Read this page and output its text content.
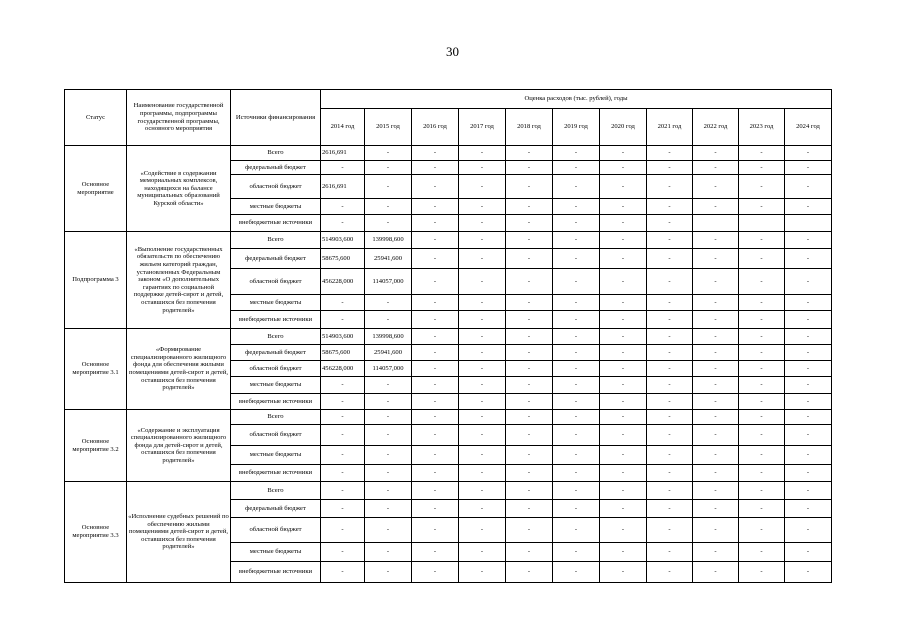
30
Статус	Наименование государственной программы, подпрограммы государственной программы, основного мероприятия	Источники финансирования	Оценка расходов (тыс. рублей), годы										
			2014 год	2015 год	2016 год	2017 год	2018 год	2019 год	2020 год	2021 год	2022 год	2023 год	2024 год
Основное мероприятие	«Содействие в содержании мемориальных комплексов, находящихся на балансе муниципальных образований Курской области»	Всего	2616,691	-	-	-	-	-	-	-	-	-	-
		федеральный бюджет	-	-	-	-	-	-	-	-	-	-	-
		областной бюджет	2616,691	-	-	-	-	-	-	-	-	-	-
		местные бюджеты	-	-	-	-	-	-	-	-	-	-	-
		внебюджетные источники	-	-	-	-	-	-	-	-			
Подпрограмма 3	«Выполнение государственных обязательств по обеспечению жильем категорий граждан, установленных Федеральным законом «О дополнительных гарантиях по социальной поддержке детей-сирот и детей, оставшихся без попечения родителей»	Всего	514903,600	139998,600	-	-	-	-	-	-	-	-	-
		федеральный бюджет	58675,600	25941,600	-	-	-	-	-	-	-	-	-
		областной бюджет	456228,000	114057,000	-	-	-	-	-	-	-	-	-
		местные бюджеты	-	-	-	-	-	-	-	-	-	-	-
		внебюджетные источники	-	-	-	-	-	-	-	-	-	-	-
Основное мероприятие 3.1	«Формирование специализированного жилищного фонда для обеспечения жилыми помещениями детей-сирот и детей, оставшихся без попечения родителей»	Всего	514903,600	139998,600	-	-	-	-	-	-	-	-	-
		федеральный бюджет	58675,600	25941,600	-	-	-	-	-	-	-	-	-
		областной бюджет	456228,000	114057,000	-	-	-	-	-	-	-	-	-
		местные бюджеты	-	-	-	-	-	-	-	-	-	-	-
		внебюджетные источники	-	-	-	-	-	-	-	-	-	-	-
Основное мероприятие 3.2	«Содержание и эксплуатация специализированного жилищного фонда для детей-сирот и детей, оставшихся без попечения родителей»	Всего	-	-	-	-	-	-	-	-	-	-	-
		областной бюджет	-	-	-	-	-	-	-	-	-	-	-
		местные бюджеты	-	-	-	-	-	-	-	-	-	-	-
		внебюджетные источники	-	-	-	-	-	-	-	-	-	-	-
Основное мероприятие 3.3	«Исполнение судебных решений по обеспечению жилыми помещениями детей-сирот и детей, оставшихся без попечения родителей»	Всего	-	-	-	-	-	-	-	-	-	-	-
		федеральный бюджет	-	-	-	-	-	-	-	-	-	-	-
		областной бюджет	-	-	-	-	-	-	-	-	-	-	-
		местные бюджеты	-	-	-	-	-	-	-	-	-	-	-
		внебюджетные источники	-	-	-	-	-	-	-	-	-	-	-
